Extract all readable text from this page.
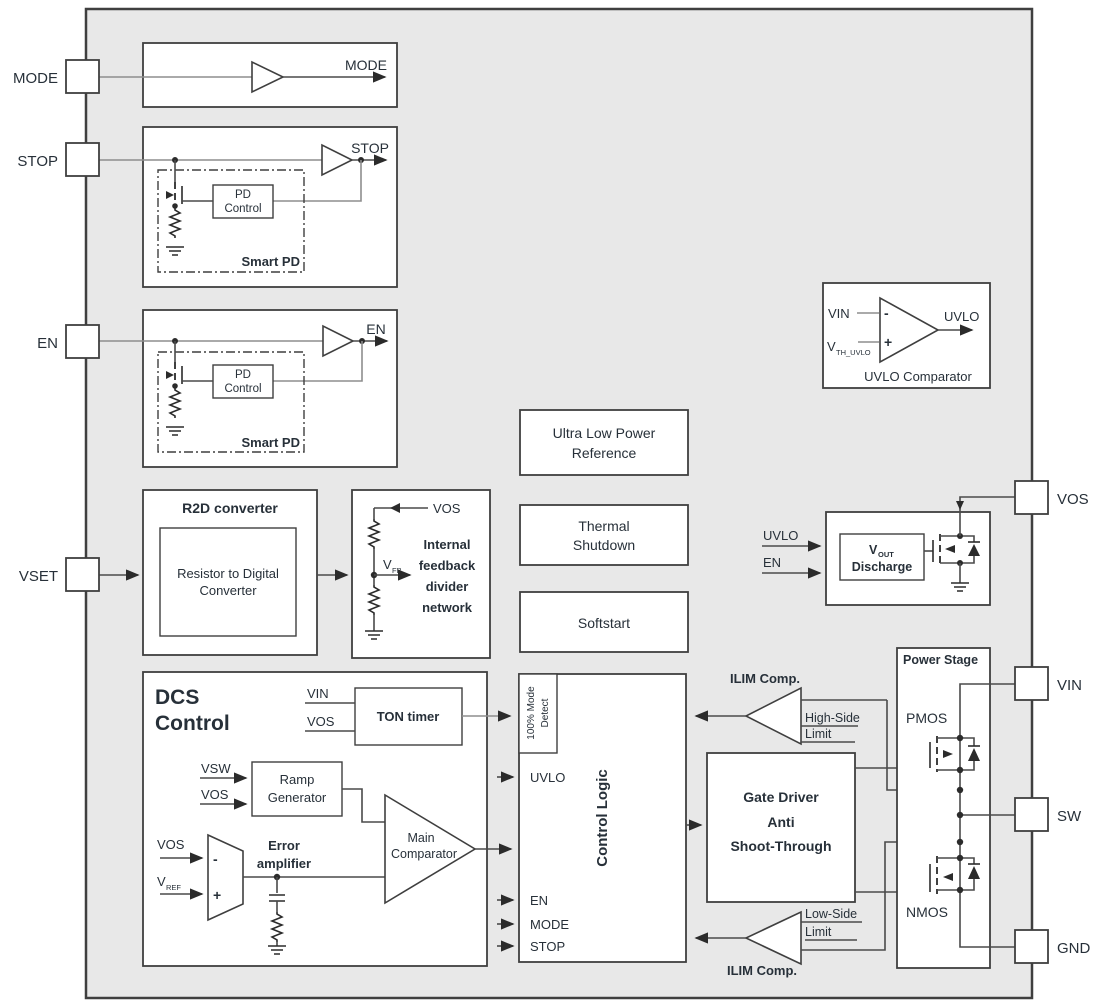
MODE
STOP
Smart PD
PD
Control
EN
Smart PD
PD
Control
VIN -
V TH_UVLO
+
UVLO
UVLO Comparator
R2D converter
Resistor to Digital
Converter
VOS
V FB
Internal
feedback
divider
network
Ultra Low Power
Reference
Thermal
Shutdown
Softstart
V OUT
Discharge
UVLO
EN
DCS
Control	TON timer
VIN
VOS
Ramp
Generator
VSW
VOS
VOS
-
V REF +
Error
amplifier
Main
Comparator
100% Mode Detect
Control Logic
UVLO
EN
MODE
STOP
ILIM Comp.
High-Side
Limit
Gate Driver
Anti
Shoot-Through
Low-Side
Limit
ILIM Comp.
Power Stage
PMOS
NMOS
MODE
STOP
EN
VSET
VOS
VIN
SW
GND
